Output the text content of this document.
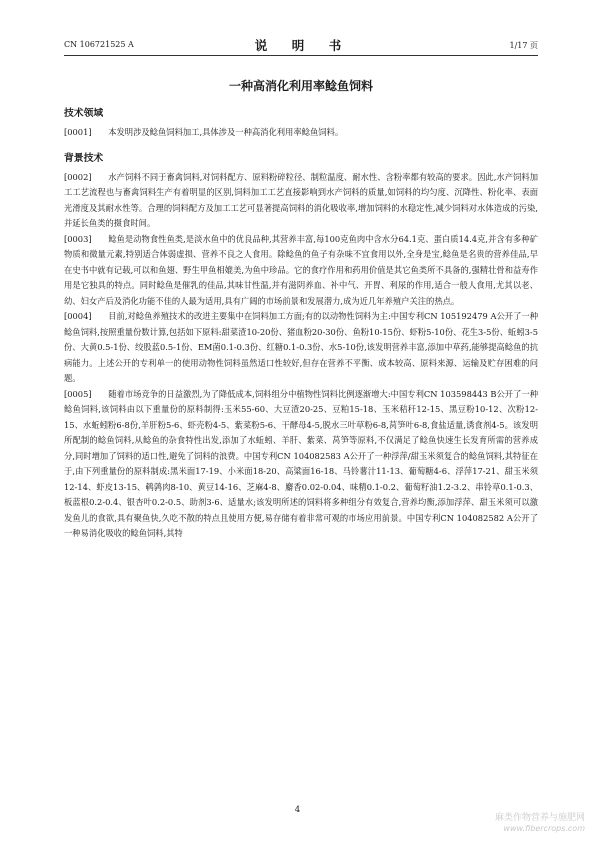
CN 106721525 A	说　明　书	1/17 页
一种高消化利用率鲶鱼饲料
技术领域

[0001]   本发明涉及鲶鱼饲料加工,具体涉及一种高消化利用率鲶鱼饲料。

背景技术

[0002]   水产饲料不同于畜禽饲料,对饲料配方、原料粉碎粒径、制粒温度、耐水性、含粉率都有较高的要求。因此,水产饲料加工工艺流程也与畜禽饲料生产有着明显的区别,饲料加工工艺直接影响到水产饲料的质量,如饲料的均匀度、沉降性、粉化率、表面光滑度及其耐水性等。合理的饲料配方及加工工艺可显著提高饲料的消化吸收率,增加饲料的水稳定性,减少饲料对水体造成的污染,并延长鱼类的摄食时间。

[0003]   鲶鱼是动物食性鱼类,是淡水鱼中的优良品种,其营养丰富,每100克鱼肉中含水分64.1克、蛋白质14.4克,并含有多种矿物质和微量元素,特别适合体弱虚损、营养不良之人食用。除鲶鱼的鱼子有杂味不宜食用以外,全身是宝,鲶鱼是名贵的营养佳品,早在史书中就有记载,可以和鱼翅、野生甲鱼相媲美,为鱼中珍品。它的食疗作用和药用价值是其它鱼类所不具备的,强精壮骨和益寿作用是它独具的特点。同时鲶鱼是催乳的佳品,其味甘性温,并有滋阴养血、补中气、开胃、利尿的作用,适合一般人食用,尤其以老、幼、妇女产后及消化功能不佳的人最为适用,具有广阔的市场前景和发展潜力,成为近几年养殖户关注的热点。

[0004]   目前,对鲶鱼养殖技术的改进主要集中在饲料加工方面;有的以动物性饲料为主:中国专利CN 105192479 A公开了一种鲶鱼饲料,按照重量份数计算,包括如下原料:甜菜渣10-20份、猪血粉20-30份、鱼粉10-15份、虾粉5-10份、花生3-5份、蚯蚓3-5份、大黄0.5-1份、绞股蓝0.5-1份、EM菌0.1-0.3份、红糖0.1-0.3份、水5-10份,该发明营养丰富,添加中草药,能够提高鲶鱼的抗病能力。上述公开的专利单一的使用动物性饲料虽然适口性较好,但存在营养不平衡、成本较高、原料来源、运输及贮存困难的问题。

[0005]   随着市场竞争的日益激烈,为了降低成本,饲料组分中植物性饲料比例逐渐增大:中国专利CN 103598443 B公开了一种鲶鱼饲料,该饲料由以下重量份的原料制得:玉米55-60、大豆渣20-25、豆粕15-18、玉米秸秆12-15、黑豆粉10-12、次粉12-15、水蚯蚓粉6-8份,羊肝粉5-6、虾壳粉4-5、紫菜粉5-6、干酵母4-5,脱水三叶草粉6-8,莴笋叶6-8,食盐适量,诱食剂4-5。该发明所配制的鲶鱼饲料,从鲶鱼的杂食特性出发,添加了水蚯蚓、羊肝、紫菜、莴笋等原料,不仅满足了鲶鱼快速生长发育所需的营养成分,同时增加了饲料的适口性,避免了饲料的浪费。中国专利CN 104082583 A公开了一种浮萍/甜玉米须复合的鲶鱼饲料,其特征在于,由下列重量份的原料制成:黑米面17-19、小米面18-20、高粱面16-18、马铃薯汁11-13、葡萄糖4-6、浮萍17-21、甜玉米须12-14、虾皮13-15、鹌鹑肉8-10、黄豆14-16、芝麻4-8、麝香0.02-0.04、味精0.1-0.2、葡萄籽油1.2-3.2、串铃草0.1-0.3、板蓝根0.2-0.4、银杏叶0.2-0.5、助剂3-6、适量水;该发明所述的饲料将多种组分有效复合,营养均衡,添加浮萍、甜玉米须可以激发鱼儿的食欲,具有聚鱼快,久吃不散的特点且使用方便,易存储有着非常可观的市场应用前景。中国专利CN 104082582 A公开了一种易消化吸收的鲶鱼饲料,其特

4
麻类作物营养与施肥网
www.fibercrops.com
